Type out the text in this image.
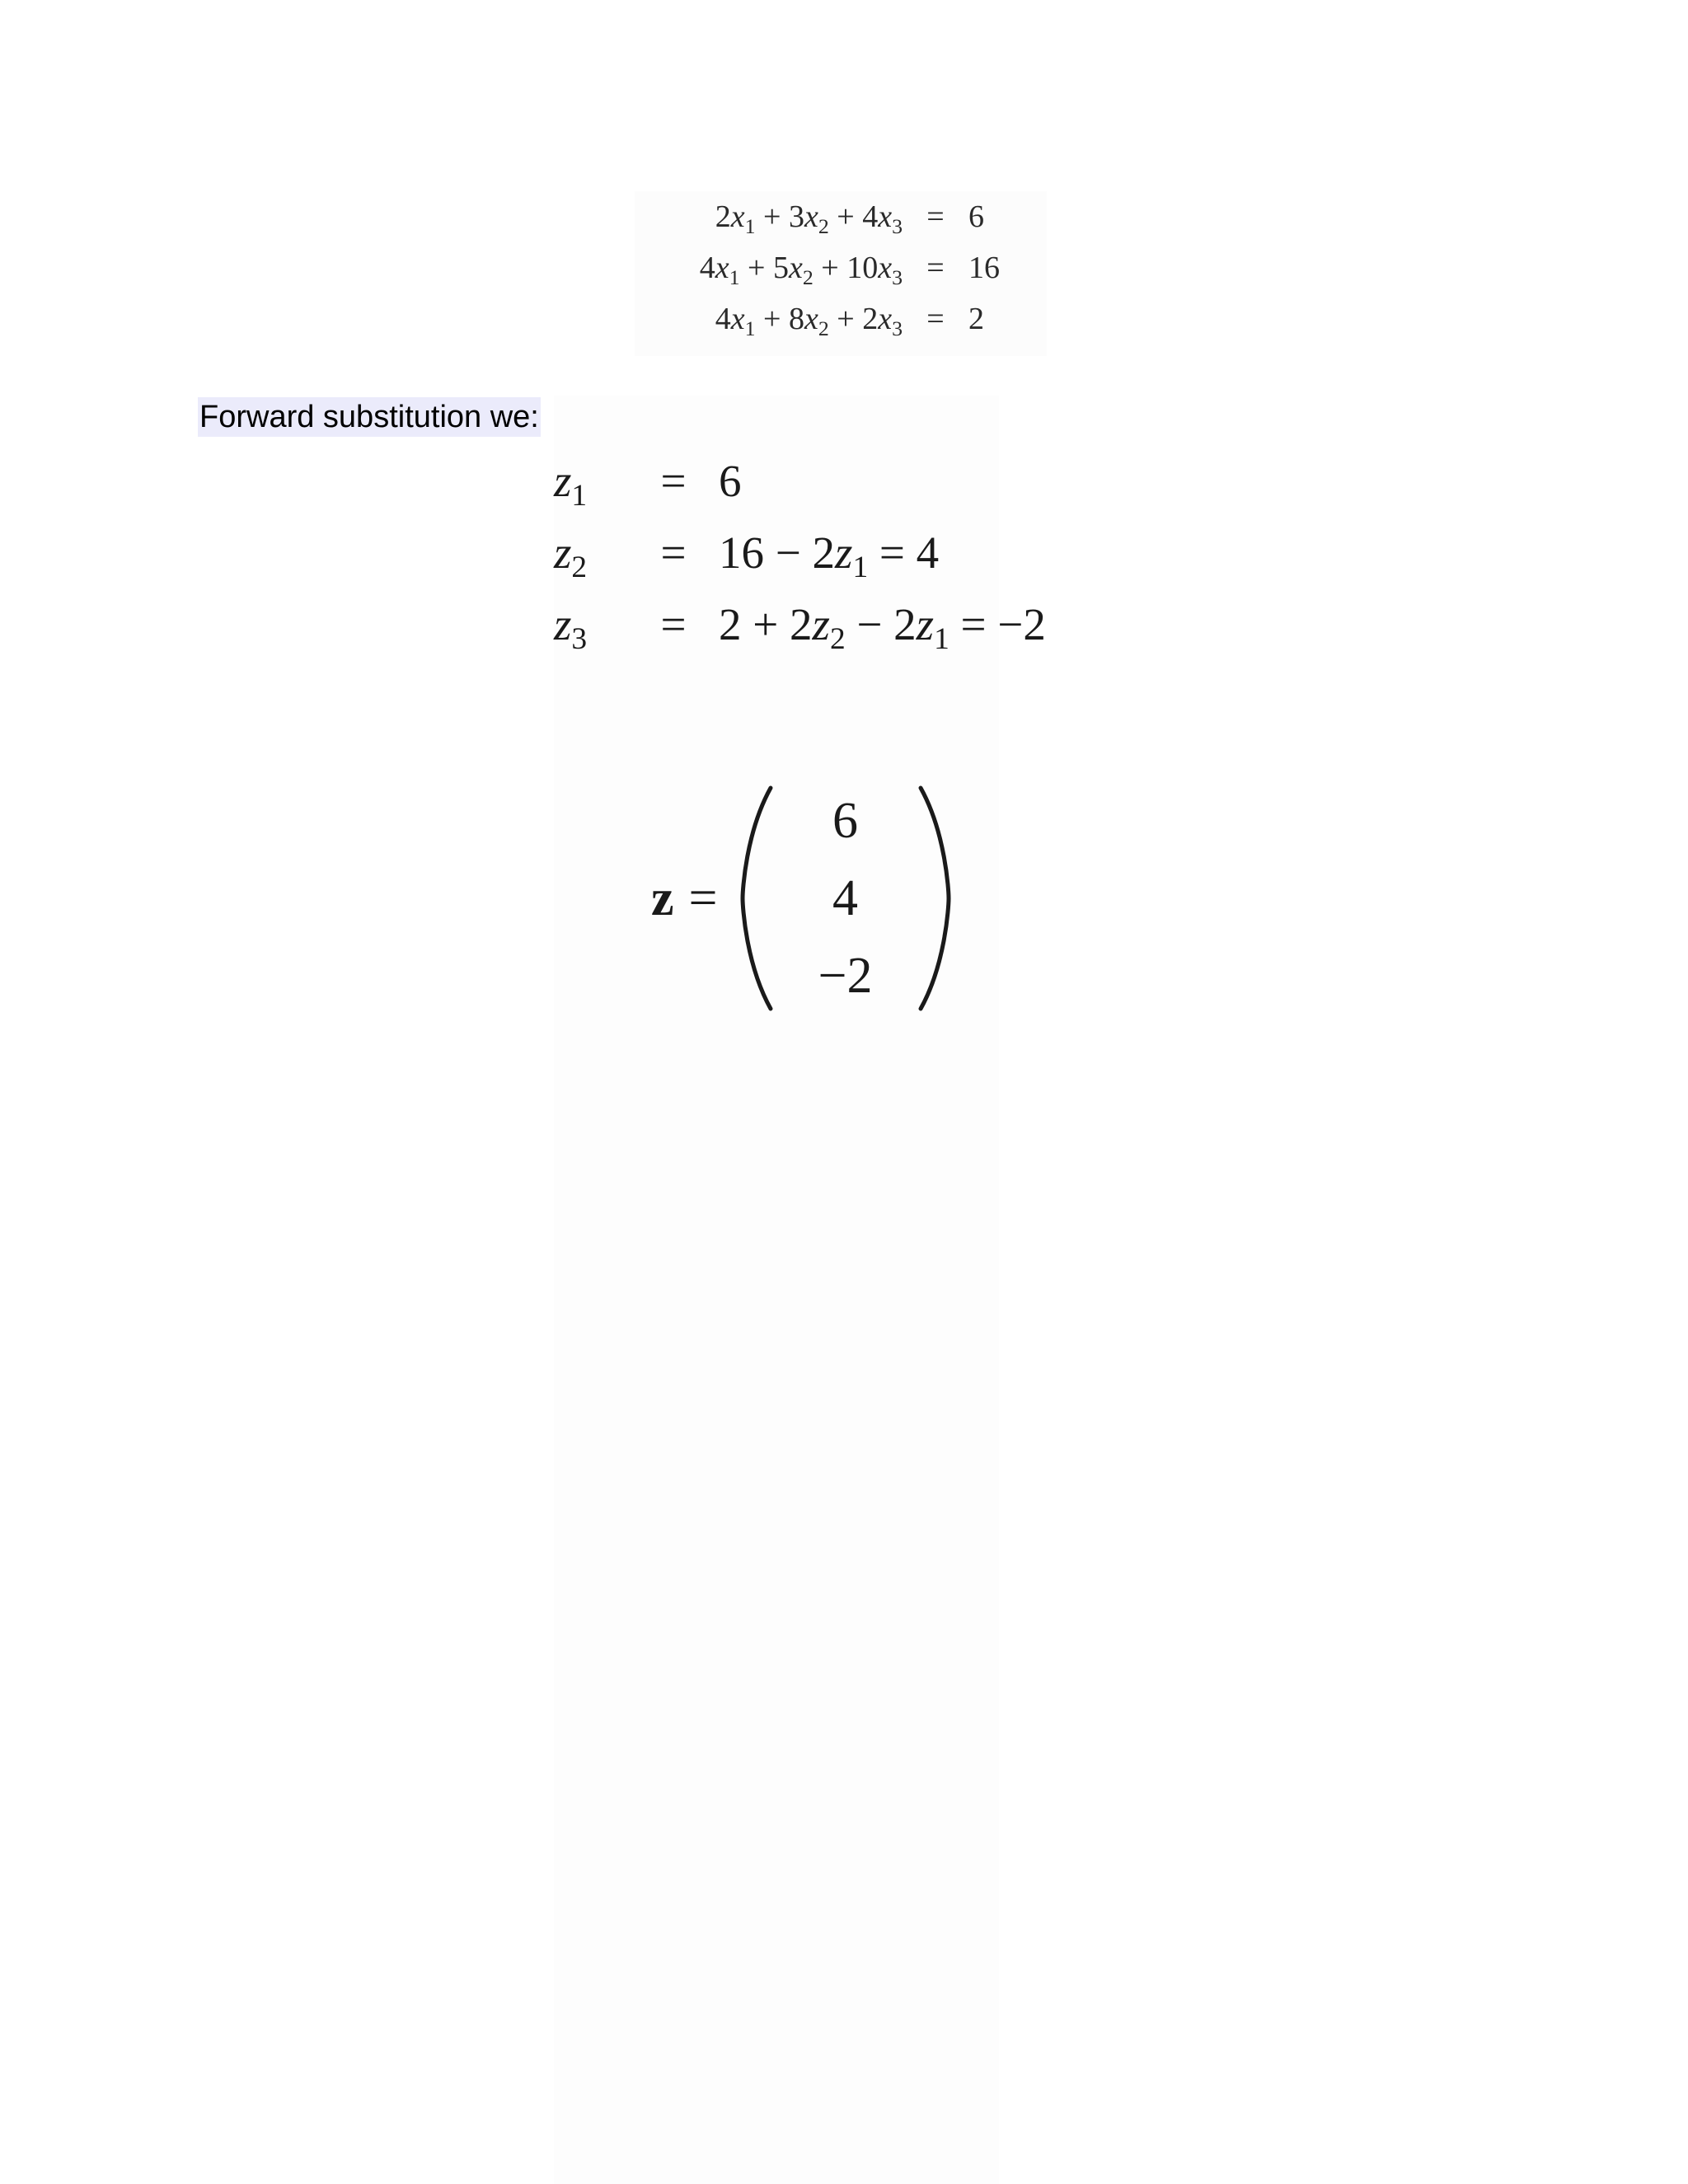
$2x_1 + 3x_2 + 4x_3$	=	6
$4x_1 + 5x_2 + 10x_3$	=	16
$4x_1 + 8x_2 + 2x_3$	=	2
Forward substitution we:
$z_1$	=	6
$z_2$	=	$16 - 2z_1 = 4$
$z_3$	=	$2 + 2z_2 - 2z_1 = -2$
z =
6
4
−2
